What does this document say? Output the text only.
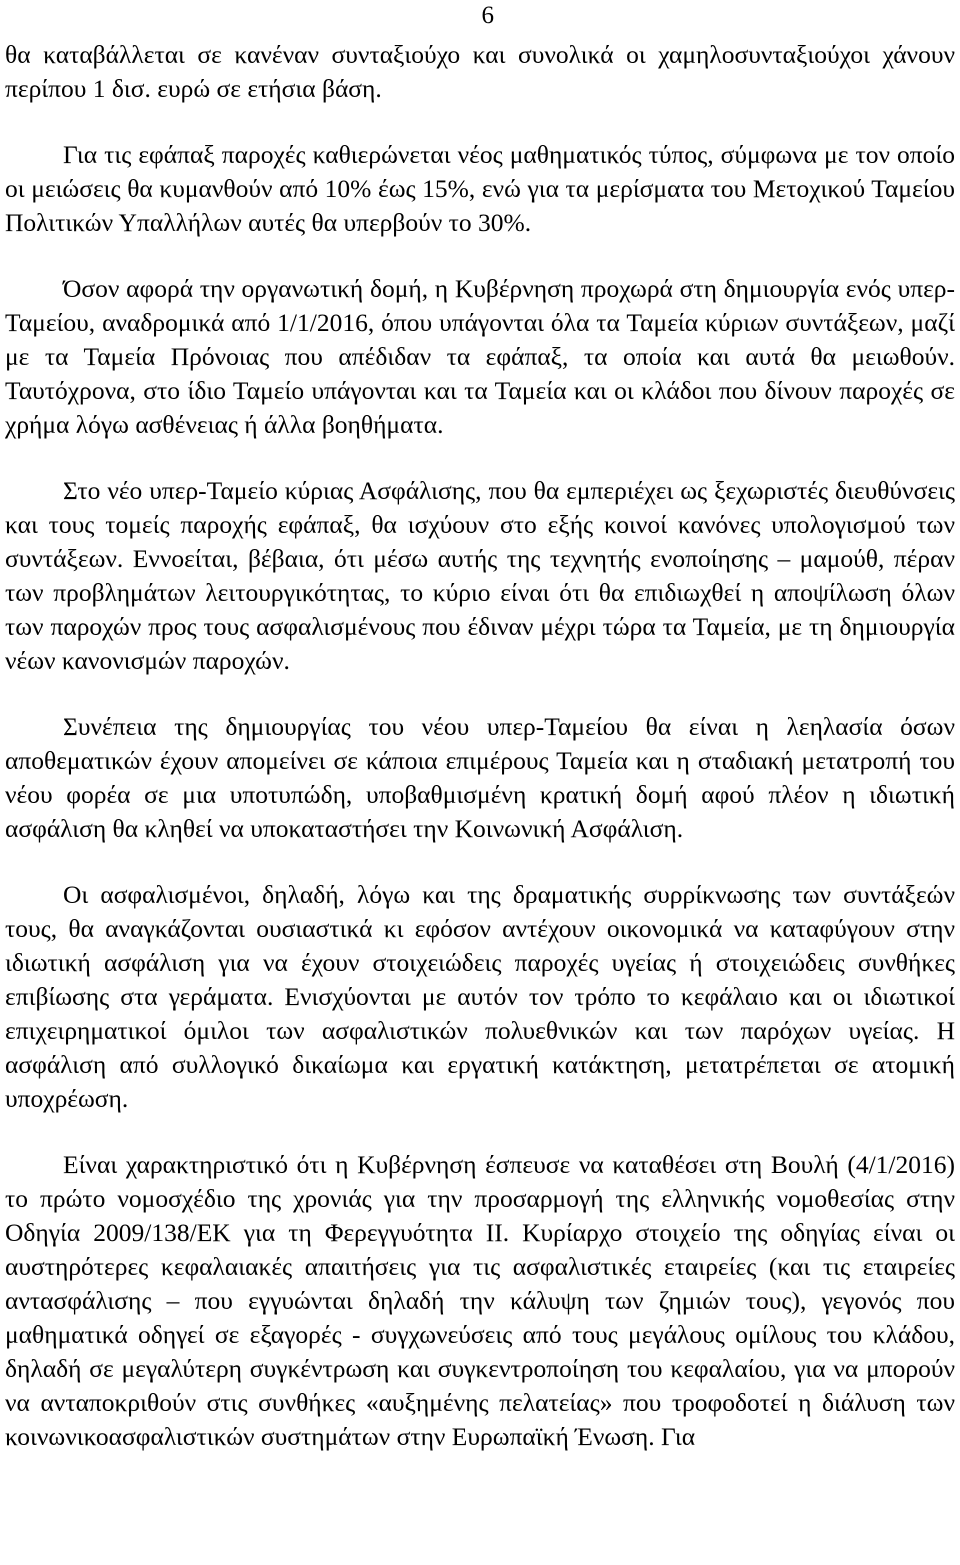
6

θα καταβάλλεται σε κανέναν συνταξιούχο και συνολικά οι χαμηλοσυνταξιούχοι χάνουν περίπου 1 δισ. ευρώ σε ετήσια βάση.

Για τις εφάπαξ παροχές καθιερώνεται νέος μαθηματικός τύπος, σύμφωνα με τον οποίο οι μειώσεις θα κυμανθούν από 10% έως 15%, ενώ για τα μερίσματα του Μετοχικού Ταμείου Πολιτικών Υπαλλήλων αυτές θα υπερβούν το 30%.

Όσον αφορά την οργανωτική δομή, η Κυβέρνηση προχωρά στη δημιουργία ενός υπερ-Ταμείου, αναδρομικά από 1/1/2016, όπου υπάγονται όλα τα Ταμεία κύριων συντάξεων, μαζί με τα Ταμεία Πρόνοιας που απέδιδαν τα εφάπαξ, τα οποία και αυτά θα μειωθούν. Ταυτόχρονα, στο ίδιο Ταμείο υπάγονται και τα Ταμεία και οι κλάδοι που δίνουν παροχές σε χρήμα λόγω ασθένειας ή άλλα βοηθήματα.

Στο νέο υπερ-Ταμείο κύριας Ασφάλισης, που θα εμπεριέχει ως ξεχωριστές διευθύνσεις και τους τομείς παροχής εφάπαξ, θα ισχύουν στο εξής κοινοί κανόνες υπολογισμού των συντάξεων. Εννοείται, βέβαια, ότι μέσω αυτής της τεχνητής ενοποίησης – μαμούθ, πέραν των προβλημάτων λειτουργικότητας, το κύριο είναι ότι θα επιδιωχθεί η αποψίλωση όλων των παροχών προς τους ασφαλισμένους που έδιναν μέχρι τώρα τα Ταμεία, με τη δημιουργία νέων κανονισμών παροχών.

Συνέπεια της δημιουργίας του νέου υπερ-Ταμείου θα είναι η λεηλασία όσων αποθεματικών έχουν απομείνει σε κάποια επιμέρους Ταμεία και η σταδιακή μετατροπή του νέου φορέα σε μια υποτυπώδη, υποβαθμισμένη κρατική δομή αφού πλέον η ιδιωτική ασφάλιση θα κληθεί να υποκαταστήσει την Κοινωνική Ασφάλιση.

Οι ασφαλισμένοι, δηλαδή, λόγω και της δραματικής συρρίκνωσης των συντάξεών τους, θα αναγκάζονται ουσιαστικά κι εφόσον αντέχουν οικονομικά να καταφύγουν στην ιδιωτική ασφάλιση για να έχουν στοιχειώδεις παροχές υγείας ή στοιχειώδεις συνθήκες επιβίωσης στα γεράματα. Ενισχύονται με αυτόν τον τρόπο το κεφάλαιο και οι ιδιωτικοί επιχειρηματικοί όμιλοι των ασφαλιστικών πολυεθνικών και των παρόχων υγείας. Η ασφάλιση από συλλογικό δικαίωμα και εργατική κατάκτηση, μετατρέπεται σε ατομική υποχρέωση.

Είναι χαρακτηριστικό ότι η Κυβέρνηση έσπευσε να καταθέσει στη Βουλή (4/1/2016) το πρώτο νομοσχέδιο της χρονιάς για την προσαρμογή της ελληνικής νομοθεσίας στην Οδηγία 2009/138/ΕΚ για τη Φερεγγυότητα ΙΙ. Κυρίαρχο στοιχείο της οδηγίας είναι οι αυστηρότερες κεφαλαιακές απαιτήσεις για τις ασφαλιστικές εταιρείες (και τις εταιρείες αντασφάλισης – που εγγυώνται δηλαδή την κάλυψη των ζημιών τους), γεγονός που μαθηματικά οδηγεί σε εξαγορές - συγχωνεύσεις από τους μεγάλους ομίλους του κλάδου, δηλαδή σε μεγαλύτερη συγκέντρωση και συγκεντροποίηση του κεφαλαίου, για να μπορούν να ανταποκριθούν στις συνθήκες «αυξημένης πελατείας» που τροφοδοτεί η διάλυση των κοινωνικοασφαλιστικών συστημάτων στην Ευρωπαϊκή Ένωση. Για
